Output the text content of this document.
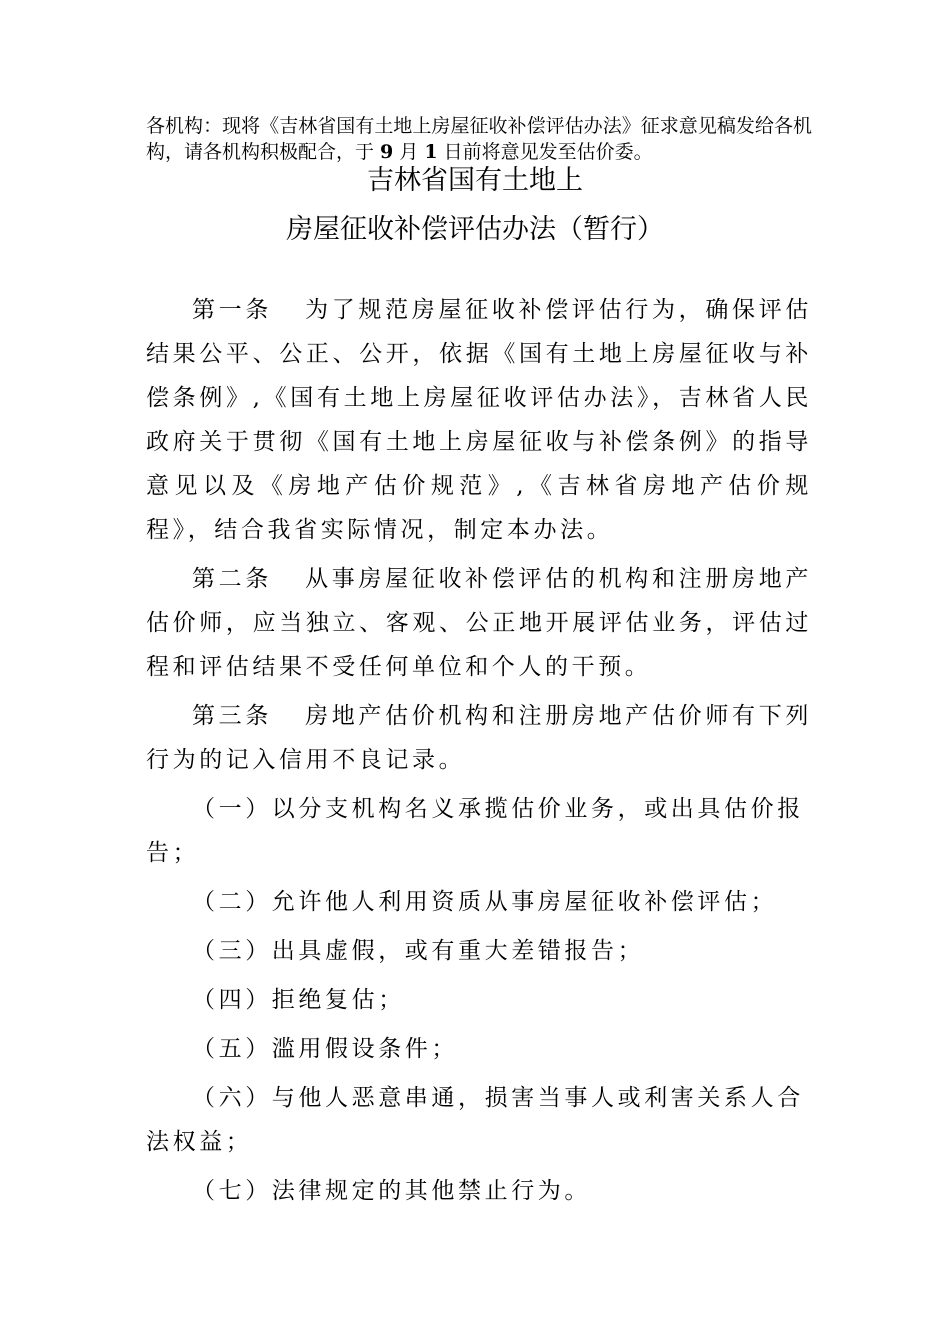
各机构：现将《吉林省国有土地上房屋征收补偿评估办法》征求意见稿发给各机构，请各机构积极配合，于 9 月 1 日前将意见发至估价委。
吉林省国有土地上
房屋征收补偿评估办法（暂行）

第一条 为了规范房屋征收补偿评估行为，确保评估结果公平、公正、公开，依据《国有土地上房屋征收与补偿条例》,《国有土地上房屋征收评估办法》，吉林省人民政府关于贯彻《国有土地上房屋征收与补偿条例》的指导意见以及《房地产估价规范》,《吉林省房地产估价规程》，结合我省实际情况，制定本办法。

第二条 从事房屋征收补偿评估的机构和注册房地产估价师，应当独立、客观、公正地开展评估业务，评估过程和评估结果不受任何单位和个人的干预。

第三条 房地产估价机构和注册房地产估价师有下列行为的记入信用不良记录。

（一）以分支机构名义承揽估价业务，或出具估价报告；

（二）允许他人利用资质从事房屋征收补偿评估；

（三）出具虚假，或有重大差错报告；

（四）拒绝复估；

（五）滥用假设条件；

（六）与他人恶意串通，损害当事人或利害关系人合法权益；

（七）法律规定的其他禁止行为。
